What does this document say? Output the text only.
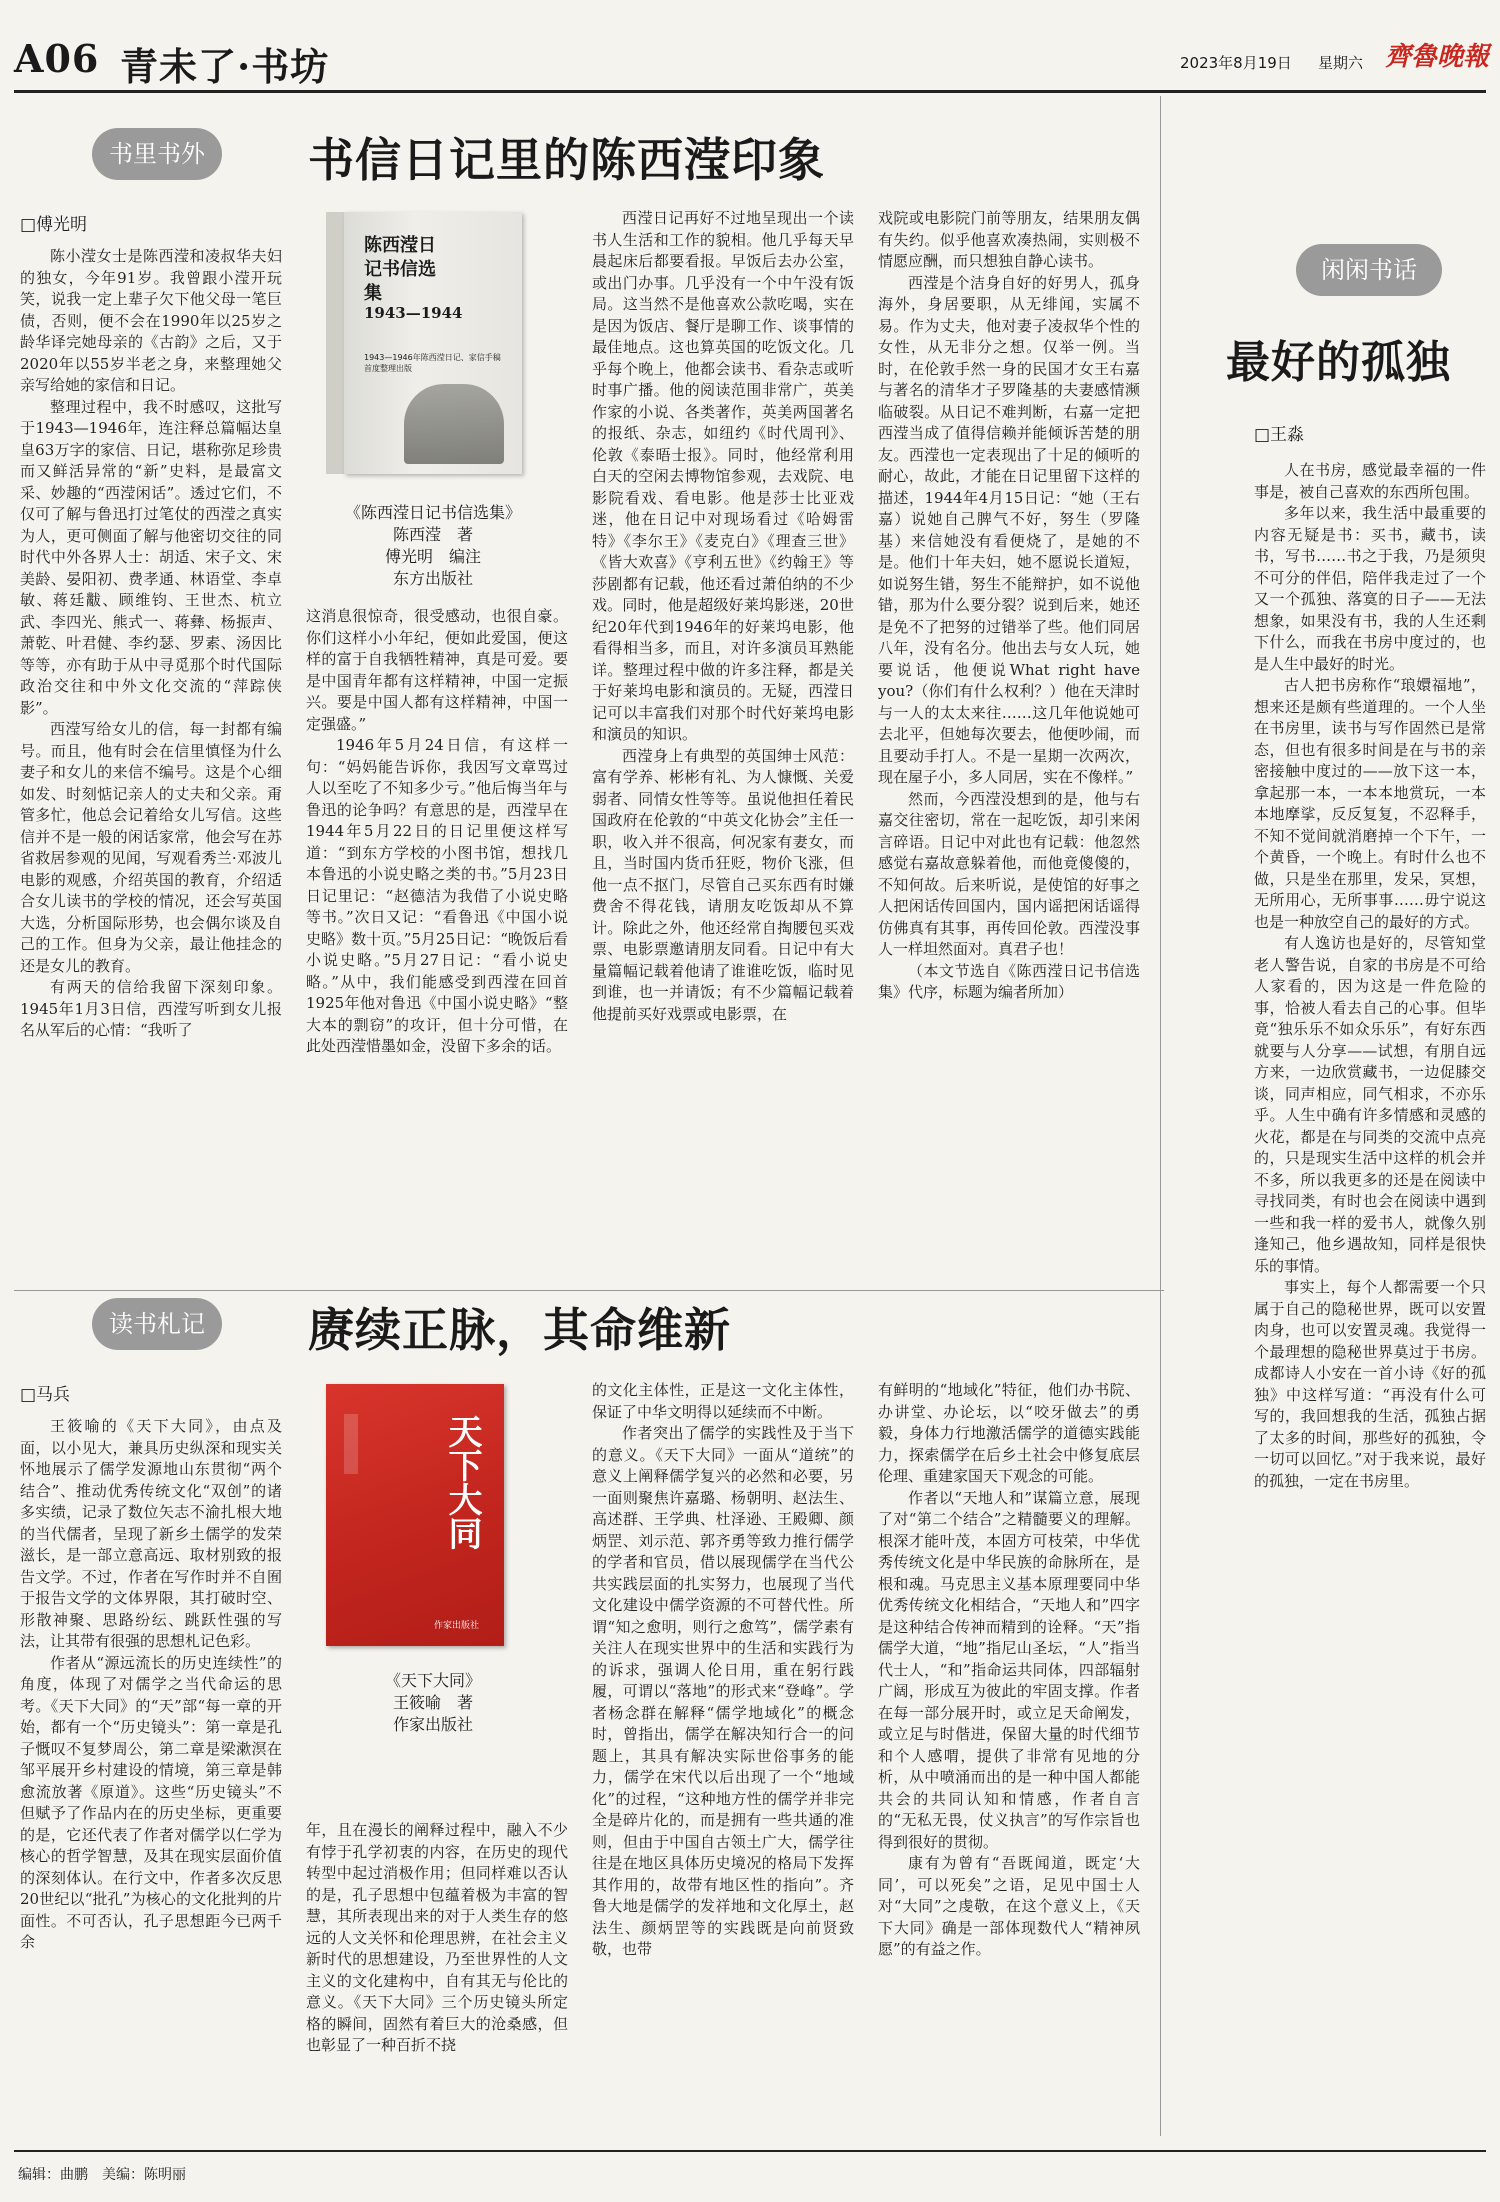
A06 青未了·书坊	2023年8月19日	星期六 齊魯晚報
书里书外	书信日记里的陈西滢印象
□傅光明
陈西滢日记书信选集
1943—1944
1943—1946年陈西滢日记、家信手稿首度整理出版
《陈西滢日记书信选集》
陈西滢　著
傅光明　编注
东方出版社

陈小滢女士是陈西滢和凌叔华夫妇的独女，今年91岁。我曾跟小滢开玩笑，说我一定上辈子欠下他父母一笔巨债，否则，便不会在1990年以25岁之龄华译完她母亲的《古韵》之后，又于2020年以55岁半老之身，来整理她父亲写给她的家信和日记。

整理过程中，我不时感叹，这批写于1943—1946年，连注释总篇幅达皇皇63万字的家信、日记，堪称弥足珍贵而又鲜活异常的“新”史料，是最富文采、妙趣的“西滢闲话”。透过它们，不仅可了解与鲁迅打过笔仗的西滢之真实为人，更可侧面了解与他密切交往的同时代中外各界人士：胡适、宋子文、宋美龄、晏阳初、费孝通、林语堂、李卓敏、蒋廷黻、顾维钧、王世杰、杭立武、李四光、熊式一、蒋彝、杨振声、萧乾、叶君健、李约瑟、罗素、汤因比等等，亦有助于从中寻觅那个时代国际政治交往和中外文化交流的“萍踪侠影”。

西滢写给女儿的信，每一封都有编号。而且，他有时会在信里慎怪为什么妻子和女儿的来信不编号。这是个心细如发、时刻惦记亲人的丈夫和父亲。甭管多忙，他总会记着给女儿写信。这些信并不是一般的闲话家常，他会写在苏省救居参观的见闻，写观看秀兰·邓波儿电影的观感，介绍英国的教育，介绍适合女儿读书的学校的情况，还会写英国大选，分析国际形势，也会偶尔谈及自己的工作。但身为父亲，最让他挂念的还是女儿的教育。

有两天的信给我留下深刻印象。1945年1月3日信，西滢写听到女儿报名从军后的心情：“我听了

这消息很惊奇，很受感动，也很自豪。你们这样小小年纪，便如此爱国，便这样的富于自我牺牲精神，真是可爱。要是中国青年都有这样精神，中国一定振兴。要是中国人都有这样精神，中国一定强盛。”

1946年5月24日信，有这样一句：“妈妈能告诉你，我因写文章骂过人以至吃了不知多少亏。”他后悔当年与鲁迅的论争吗？有意思的是，西滢早在1944年5月22日的日记里便这样写道：“到东方学校的小图书馆，想找几本鲁迅的小说史略之类的书。”5月23日日记里记：“赵德洁为我借了小说史略等书。”次日又记：“看鲁迅《中国小说史略》数十页。”5月25日记：“晚饭后看小说史略。”5月27日记：“看小说史略。”从中，我们能感受到西滢在回首1925年他对鲁迅《中国小说史略》“整大本的剽窃”的攻讦，但十分可惜，在此处西滢惜墨如金，没留下多余的话。

西滢日记再好不过地呈现出一个读书人生活和工作的貌相。他几乎每天早晨起床后都要看报。早饭后去办公室，或出门办事。几乎没有一个中午没有饭局。这当然不是他喜欢公款吃喝，实在是因为饭店、餐厅是聊工作、谈事情的最佳地点。这也算英国的吃饭文化。几乎每个晚上，他都会读书、看杂志或听时事广播。他的阅读范围非常广，英美作家的小说、各类著作，英美两国著名的报纸、杂志，如纽约《时代周刊》、伦敦《泰晤士报》。同时，他经常利用白天的空闲去博物馆参观，去戏院、电影院看戏、看电影。他是莎士比亚戏迷，他在日记中对现场看过《哈姆雷特》《李尔王》《麦克白》《理查三世》《皆大欢喜》《亨利五世》《约翰王》等莎剧都有记载，他还看过萧伯纳的不少戏。同时，他是超级好莱坞影迷，20世纪20年代到1946年的好莱坞电影，他看得相当多，而且，对许多演员耳熟能详。整理过程中做的许多注释，都是关于好莱坞电影和演员的。无疑，西滢日记可以丰富我们对那个时代好莱坞电影和演员的知识。

西滢身上有典型的英国绅士风范：富有学养、彬彬有礼、为人慷慨、关爱弱者、同情女性等等。虽说他担任着民国政府在伦敦的“中英文化协会”主任一职，收入并不很高，何况家有妻女，而且，当时国内货币狂贬，物价飞涨，但他一点不抠门，尽管自己买东西有时嫌费舍不得花钱，请朋友吃饭却从不算计。除此之外，他还经常自掏腰包买戏票、电影票邀请朋友同看。日记中有大量篇幅记载着他请了谁谁吃饭，临时见到谁，也一并请饭；有不少篇幅记载着他提前买好戏票或电影票，在

戏院或电影院门前等朋友，结果朋友偶有失约。似乎他喜欢凑热闹，实则极不情愿应酬，而只想独自静心读书。

西滢是个洁身自好的好男人，孤身海外，身居要职，从无绯闻，实属不易。作为丈夫，他对妻子凌叔华个性的女性，从无非分之想。仅举一例。当时，在伦敦手然一身的民国才女王右嘉与著名的清华才子罗隆基的夫妻感情濒临破裂。从日记不难判断，右嘉一定把西滢当成了值得信赖并能倾诉苦楚的朋友。西滢也一定表现出了十足的倾听的耐心，故此，才能在日记里留下这样的描述，1944年4月15日记：“她（王右嘉）说她自己脾气不好，努生（罗隆基）来信她没有看便烧了，是她的不是。他们十年夫妇，她不愿说长道短，如说努生错，努生不能辩护，如不说他错，那为什么要分裂？说到后来，她还是免不了把努的过错举了些。他们同居八年，没有名分。他出去与女人玩，她要说话，他便说What right have you?（你们有什么权利？）他在天津时与一人的太太来往……这几年他说她可去北平，但她每次要去，他便吵闹，而且要动手打人。不是一星期一次两次，现在屋子小，多人同居，实在不像样。”

然而，今西滢没想到的是，他与右嘉交往密切，常在一起吃饭，却引来闲言碎语。日记中对此也有记载：他忽然感觉右嘉故意躲着他，而他竟傻傻的，不知何故。后来听说，是使馆的好事之人把闲话传回国内，国内谣把闲话谣得仿佛真有其事，再传回伦敦。西滢没事人一样坦然面对。真君子也！

（本文节选自《陈西滢日记书信选集》代序，标题为编者所加）

闲闲书话
最好的孤独
□王淼

人在书房，感觉最幸福的一件事是，被自己喜欢的东西所包围。

多年以来，我生活中最重要的内容无疑是书：买书，藏书，读书，写书……书之于我，乃是须臾不可分的伴侣，陪伴我走过了一个又一个孤独、落寞的日子——无法想象，如果没有书，我的人生还剩下什么，而我在书房中度过的，也是人生中最好的时光。

古人把书房称作“琅嬛福地”，想来还是颇有些道理的。一个人坐在书房里，读书与写作固然已是常态，但也有很多时间是在与书的亲密接触中度过的——放下这一本，拿起那一本，一本本地赏玩，一本本地摩挲，反反复复，不忍释手，不知不觉间就消磨掉一个下午，一个黄昏，一个晚上。有时什么也不做，只是坐在那里，发呆，冥想，无所用心，无所事事……毋宁说这也是一种放空自己的最好的方式。

有人逸访也是好的，尽管知堂老人警告说，自家的书房是不可给人家看的，因为这是一件危险的事，恰被人看去自己的心事。但毕竟“独乐乐不如众乐乐”，有好东西就要与人分享——试想，有朋自远方来，一边欣赏藏书，一边促膝交谈，同声相应，同气相求，不亦乐乎。人生中确有许多情感和灵感的火花，都是在与同类的交流中点亮的，只是现实生活中这样的机会并不多，所以我更多的还是在阅读中寻找同类，有时也会在阅读中遇到一些和我一样的爱书人，就像久别逢知己，他乡遇故知，同样是很快乐的事情。

事实上，每个人都需要一个只属于自己的隐秘世界，既可以安置肉身，也可以安置灵魂。我觉得一个最理想的隐秘世界莫过于书房。成都诗人小安在一首小诗《好的孤独》中这样写道：“再没有什么可写的，我回想我的生活，孤独占据了太多的时间，那些好的孤独，令一切可以回忆。”对于我来说，最好的孤独，一定在书房里。

读书札记	赓续正脉，其命维新
□马兵
天下大同
作家出版社
《天下大同》
王筱喻　著
作家出版社

王筱喻的《天下大同》，由点及面，以小见大，兼具历史纵深和现实关怀地展示了儒学发源地山东贯彻“两个结合”、推动优秀传统文化“双创”的诸多实绩，记录了数位矢志不渝扎根大地的当代儒者，呈现了新乡土儒学的发荣滋长，是一部立意高远、取材别致的报告文学。不过，作者在写作时并不自囿于报告文学的文体界限，其打破时空、形散神聚、思路纷纭、跳跃性强的写法，让其带有很强的思想札记色彩。

作者从“源远流长的历史连续性”的角度，体现了对儒学之当代命运的思考。《天下大同》的“天”部“每一章的开始，都有一个“历史镜头”：第一章是孔子慨叹不复梦周公，第二章是梁漱溟在邹平展开乡村建设的情境，第三章是韩愈流放著《原道》。这些“历史镜头”不但赋予了作品内在的历史坐标，更重要的是，它还代表了作者对儒学以仁学为核心的哲学智慧，及其在现实层面价值的深刻体认。在行文中，作者多次反思20世纪以“批孔”为核心的文化批判的片面性。不可否认，孔子思想距今已两千余

年，且在漫长的阐释过程中，融入不少有悖于孔学初衷的内容，在历史的现代转型中起过消极作用；但同样难以否认的是，孔子思想中包蕴着极为丰富的智慧，其所表现出来的对于人类生存的悠远的人文关怀和伦理思辨，在社会主义新时代的思想建设，乃至世界性的人文主义的文化建构中，自有其无与伦比的意义。《天下大同》三个历史镜头所定格的瞬间，固然有着巨大的沧桑感，但也彰显了一种百折不挠

的文化主体性，正是这一文化主体性，保证了中华文明得以延续而不中断。

作者突出了儒学的实践性及于当下的意义。《天下大同》一面从“道统”的意义上阐释儒学复兴的必然和必要，另一面则聚焦许嘉璐、杨朝明、赵法生、高述群、王学典、杜泽逊、王殿卿、颜炳罡、刘示范、郭齐勇等致力推行儒学的学者和官员，借以展现儒学在当代公共实践层面的扎实努力，也展现了当代文化建设中儒学资源的不可替代性。所谓“知之愈明，则行之愈笃”，儒学素有关注人在现实世界中的生活和实践行为的诉求，强调人伦日用，重在躬行践履，可谓以“落地”的形式来“登峰”。学者杨念群在解释“儒学地域化”的概念时，曾指出，儒学在解决知行合一的问题上，其具有解决实际世俗事务的能力，儒学在宋代以后出现了一个“地域化”的过程，“这种地方性的儒学并非完全是碎片化的，而是拥有一些共通的准则，但由于中国自古领土广大，儒学往往是在地区具体历史境况的格局下发挥其作用的，故带有地区性的指向”。齐鲁大地是儒学的发祥地和文化厚土，赵法生、颜炳罡等的实践既是向前贤致敬，也带

有鲜明的“地域化”特征，他们办书院、办讲堂、办论坛，以“咬牙做去”的勇毅，身体力行地激活儒学的道德实践能力，探索儒学在后乡土社会中修复底层伦理、重建家国天下观念的可能。

作者以“天地人和”谋篇立意，展现了对“第二个结合”之精髓要义的理解。根深才能叶茂，本固方可枝荣，中华优秀传统文化是中华民族的命脉所在，是根和魂。马克思主义基本原理要同中华优秀传统文化相结合，“天地人和”四字是这种结合传神而精到的诠释。“天”指儒学大道，“地”指尼山圣坛，“人”指当代士人，“和”指命运共同体，四部辐射广阔，形成互为彼此的牢固支撑。作者在每一部分展开时，或立足天命阐发，或立足与时偕进，保留大量的时代细节和个人感喟，提供了非常有见地的分析，从中喷涌而出的是一种中国人都能共会的共同认知和情感，作者自言的“无私无畏，仗义执言”的写作宗旨也得到很好的贯彻。

康有为曾有“吾既闻道，既定‘大同’，可以死矣”之语，足见中国士人对“大同”之虔敬，在这个意义上，《天下大同》确是一部体现数代人“精神夙愿”的有益之作。

编辑：曲鹏　美编：陈明丽
